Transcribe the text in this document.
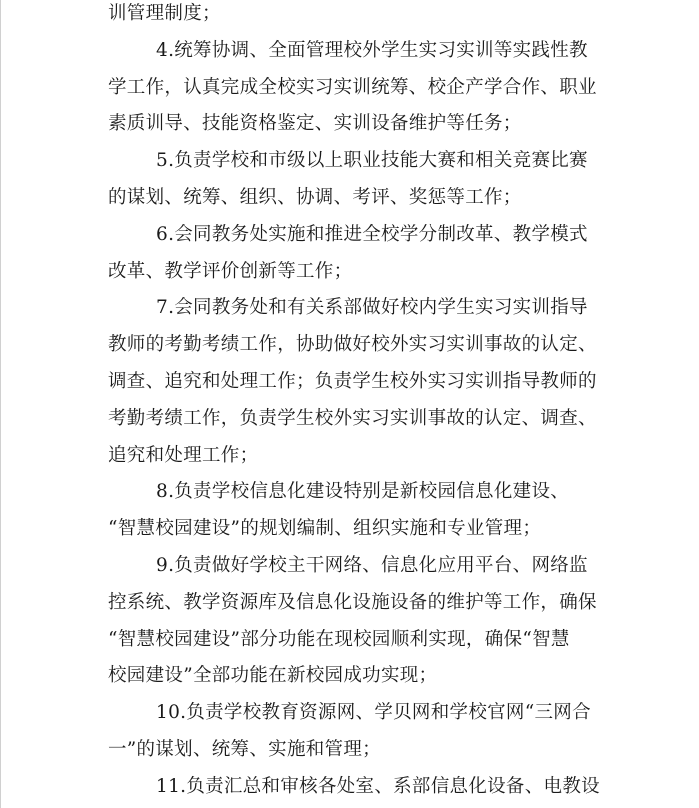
训管理制度；
4.统筹协调、全面管理校外学生实习实训等实践性教
学工作，认真完成全校实习实训统筹、校企产学合作、职业
素质训导、技能资格鉴定、实训设备维护等任务；
5.负责学校和市级以上职业技能大赛和相关竞赛比赛
的谋划、统筹、组织、协调、考评、奖惩等工作；
6.会同教务处实施和推进全校学分制改革、教学模式
改革、教学评价创新等工作；
7.会同教务处和有关系部做好校内学生实习实训指导
教师的考勤考绩工作，协助做好校外实习实训事故的认定、
调查、追究和处理工作；负责学生校外实习实训指导教师的
考勤考绩工作，负责学生校外实习实训事故的认定、调查、
追究和处理工作；
8.负责学校信息化建设特别是新校园信息化建设、
“智慧校园建设”的规划编制、组织实施和专业管理；
9.负责做好学校主干网络、信息化应用平台、网络监
控系统、教学资源库及信息化设施设备的维护等工作，确保
“智慧校园建设”部分功能在现校园顺利实现，确保“智慧
校园建设”全部功能在新校园成功实现；
10.负责学校教育资源网、学贝网和学校官网“三网合
一”的谋划、统筹、实施和管理；
11.负责汇总和审核各处室、系部信息化设备、电教设
